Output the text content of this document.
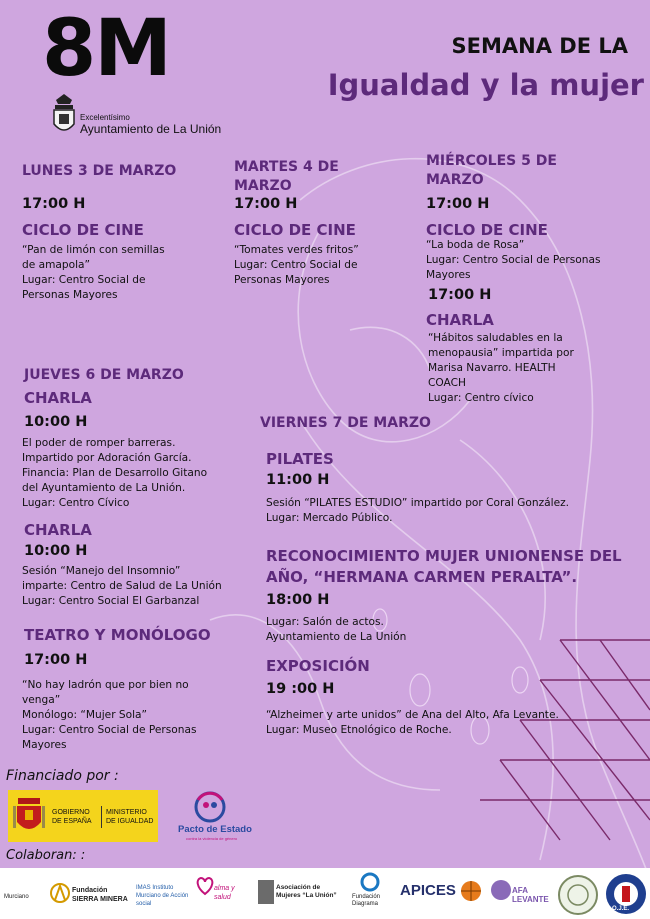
8M	SEMANA DE LA
Igualdad y la mujer
Excelentísimo
Ayuntamiento de La Unión
LUNES 3 DE MARZO
17:00 H
CICLO DE CINE
“Pan de limón con semillas
de amapola”
Lugar: Centro Social de
Personas Mayores
MARTES 4 DE
MARZO
17:00 H
CICLO DE CINE
“Tomates verdes fritos”
Lugar: Centro Social de
Personas Mayores
MIÉRCOLES 5 DE
MARZO
17:00 H
CICLO DE CINE
“La boda de Rosa”
Lugar: Centro Social de Personas
Mayores
17:00 H
CHARLA
“Hábitos saludables en la
menopausia” impartida por
Marisa Navarro. HEALTH
COACH
Lugar: Centro cívico
JUEVES 6 DE MARZO
CHARLA
10:00 H
El poder de romper barreras.
Impartido por Adoración García.
Financia: Plan de Desarrollo Gitano
del Ayuntamiento de La Unión.
Lugar: Centro Cívico
CHARLA
10:00 H
Sesión “Manejo del Insomnio”
imparte: Centro de Salud de La Unión
Lugar: Centro Social El Garbanzal
TEATRO Y MONÓLOGO
17:00 H
“No hay ladrón que por bien no
venga”
Monólogo: “Mujer Sola”
Lugar: Centro Social de Personas
Mayores
VIERNES 7 DE MARZO
PILATES
11:00 H
Sesión “PILATES ESTUDIO” impartido por Coral González.
Lugar: Mercado Público.
RECONOCIMIENTO MUJER UNIONENSE DEL
AÑO, “HERMANA CARMEN PERALTA”.
18:00 H
Lugar: Salón de actos.
Ayuntamiento de La Unión
EXPOSICIÓN
19 :00 H
“Alzheimer y arte unidos” de Ana del Alto, Afa Levante.
Lugar: Museo Etnológico de Roche.
Financiado por :
GOBIERNO
DE ESPAÑA
MINISTERIO
DE IGUALDAD
Pacto de Estado
contra la violencia de género
Colaboran: :
Murciano
Fundación SIERRA MINERA
IMAS Instituto Murciano de Acción social
alma y salud
Asociación de Mujeres “La Unión”	Fundación Diagrama
APICES	AFA LEVANTE
O.J.E.
